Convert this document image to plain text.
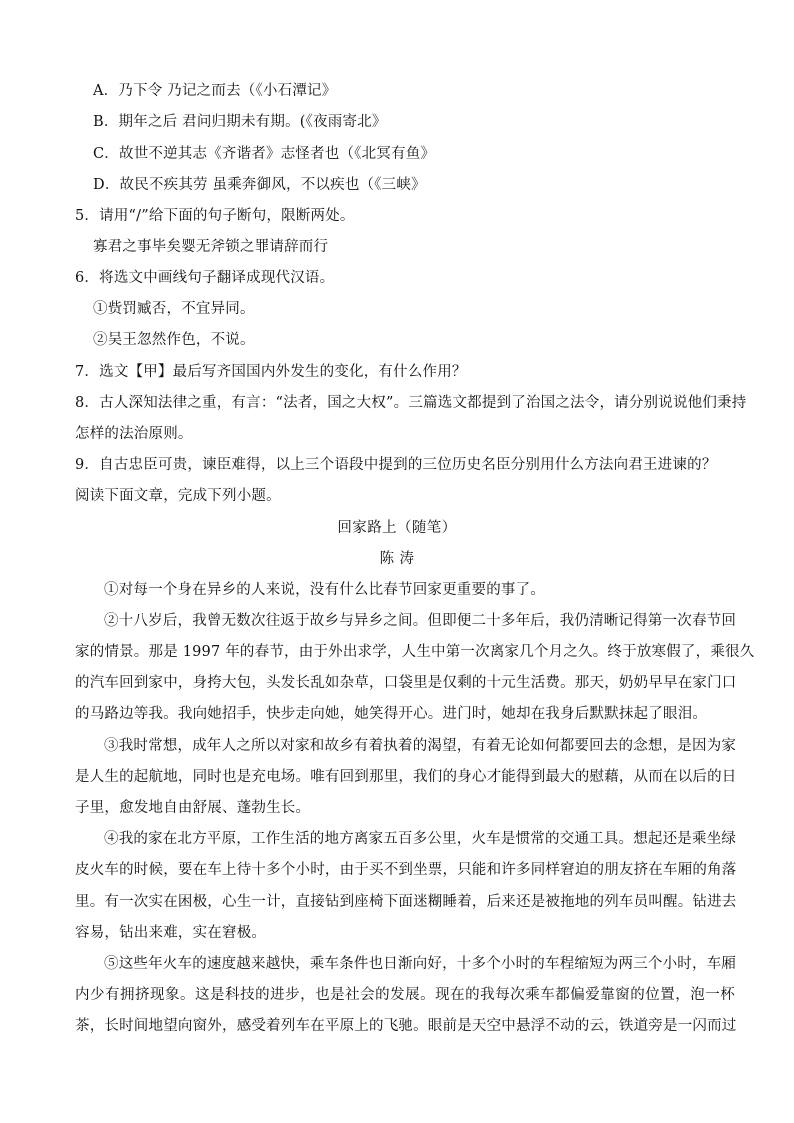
A．乃下令 乃记之而去（《小石潭记》
B．期年之后 君问归期未有期。(《夜雨寄北》
C．故世不逆其志《齐谐者》志怪者也（《北冥有鱼》
D．故民不疾其劳 虽乘奔御风，不以疾也（《三峡》
5．请用“/”给下面的句子断句，限断两处。
寡君之事毕矣婴无斧锁之罪请辞而行
6．将选文中画线句子翻译成现代汉语。
①赀罚臧否，不宜异同。
②吴王忽然作色，不说。
7．选文【甲】最后写齐国国内外发生的变化，有什么作用？
8．古人深知法律之重，有言：“法者，国之大权”。三篇选文都提到了治国之法令，请分别说说他们秉持
怎样的法治原则。
9．自古忠臣可贵，谏臣难得，以上三个语段中提到的三位历史名臣分别用什么方法向君王进谏的？
阅读下面文章，完成下列小题。
回家路上（随笔）
陈 涛
①对每一个身在异乡的人来说，没有什么比春节回家更重要的事了。
②十八岁后，我曾无数次往返于故乡与异乡之间。但即便二十多年后，我仍清晰记得第一次春节回
家的情景。那是 1997 年的春节，由于外出求学，人生中第一次离家几个月之久。终于放寒假了，乘很久
的汽车回到家中，身挎大包，头发长乱如杂草，口袋里是仅剩的十元生活费。那天，奶奶早早在家门口
的马路边等我。我向她招手，快步走向她，她笑得开心。进门时，她却在我身后默默抹起了眼泪。
③我时常想，成年人之所以对家和故乡有着执着的渴望，有着无论如何都要回去的念想，是因为家
是人生的起航地，同时也是充电场。唯有回到那里，我们的身心才能得到最大的慰藉，从而在以后的日
子里，愈发地自由舒展、蓬勃生长。
④我的家在北方平原，工作生活的地方离家五百多公里，火车是惯常的交通工具。想起还是乘坐绿
皮火车的时候，要在车上待十多个小时，由于买不到坐票，只能和许多同样窘迫的朋友挤在车厢的角落
里。有一次实在困极，心生一计，直接钻到座椅下面迷糊睡着，后来还是被拖地的列车员叫醒。钻进去
容易，钻出来难，实在窘极。
⑤这些年火车的速度越来越快，乘车条件也日渐向好，十多个小时的车程缩短为两三个小时，车厢
内少有拥挤现象。这是科技的进步，也是社会的发展。现在的我每次乘车都偏爱靠窗的位置，泡一杯
茶，长时间地望向窗外，感受着列车在平原上的飞驰。眼前是天空中悬浮不动的云，铁道旁是一闪而过
